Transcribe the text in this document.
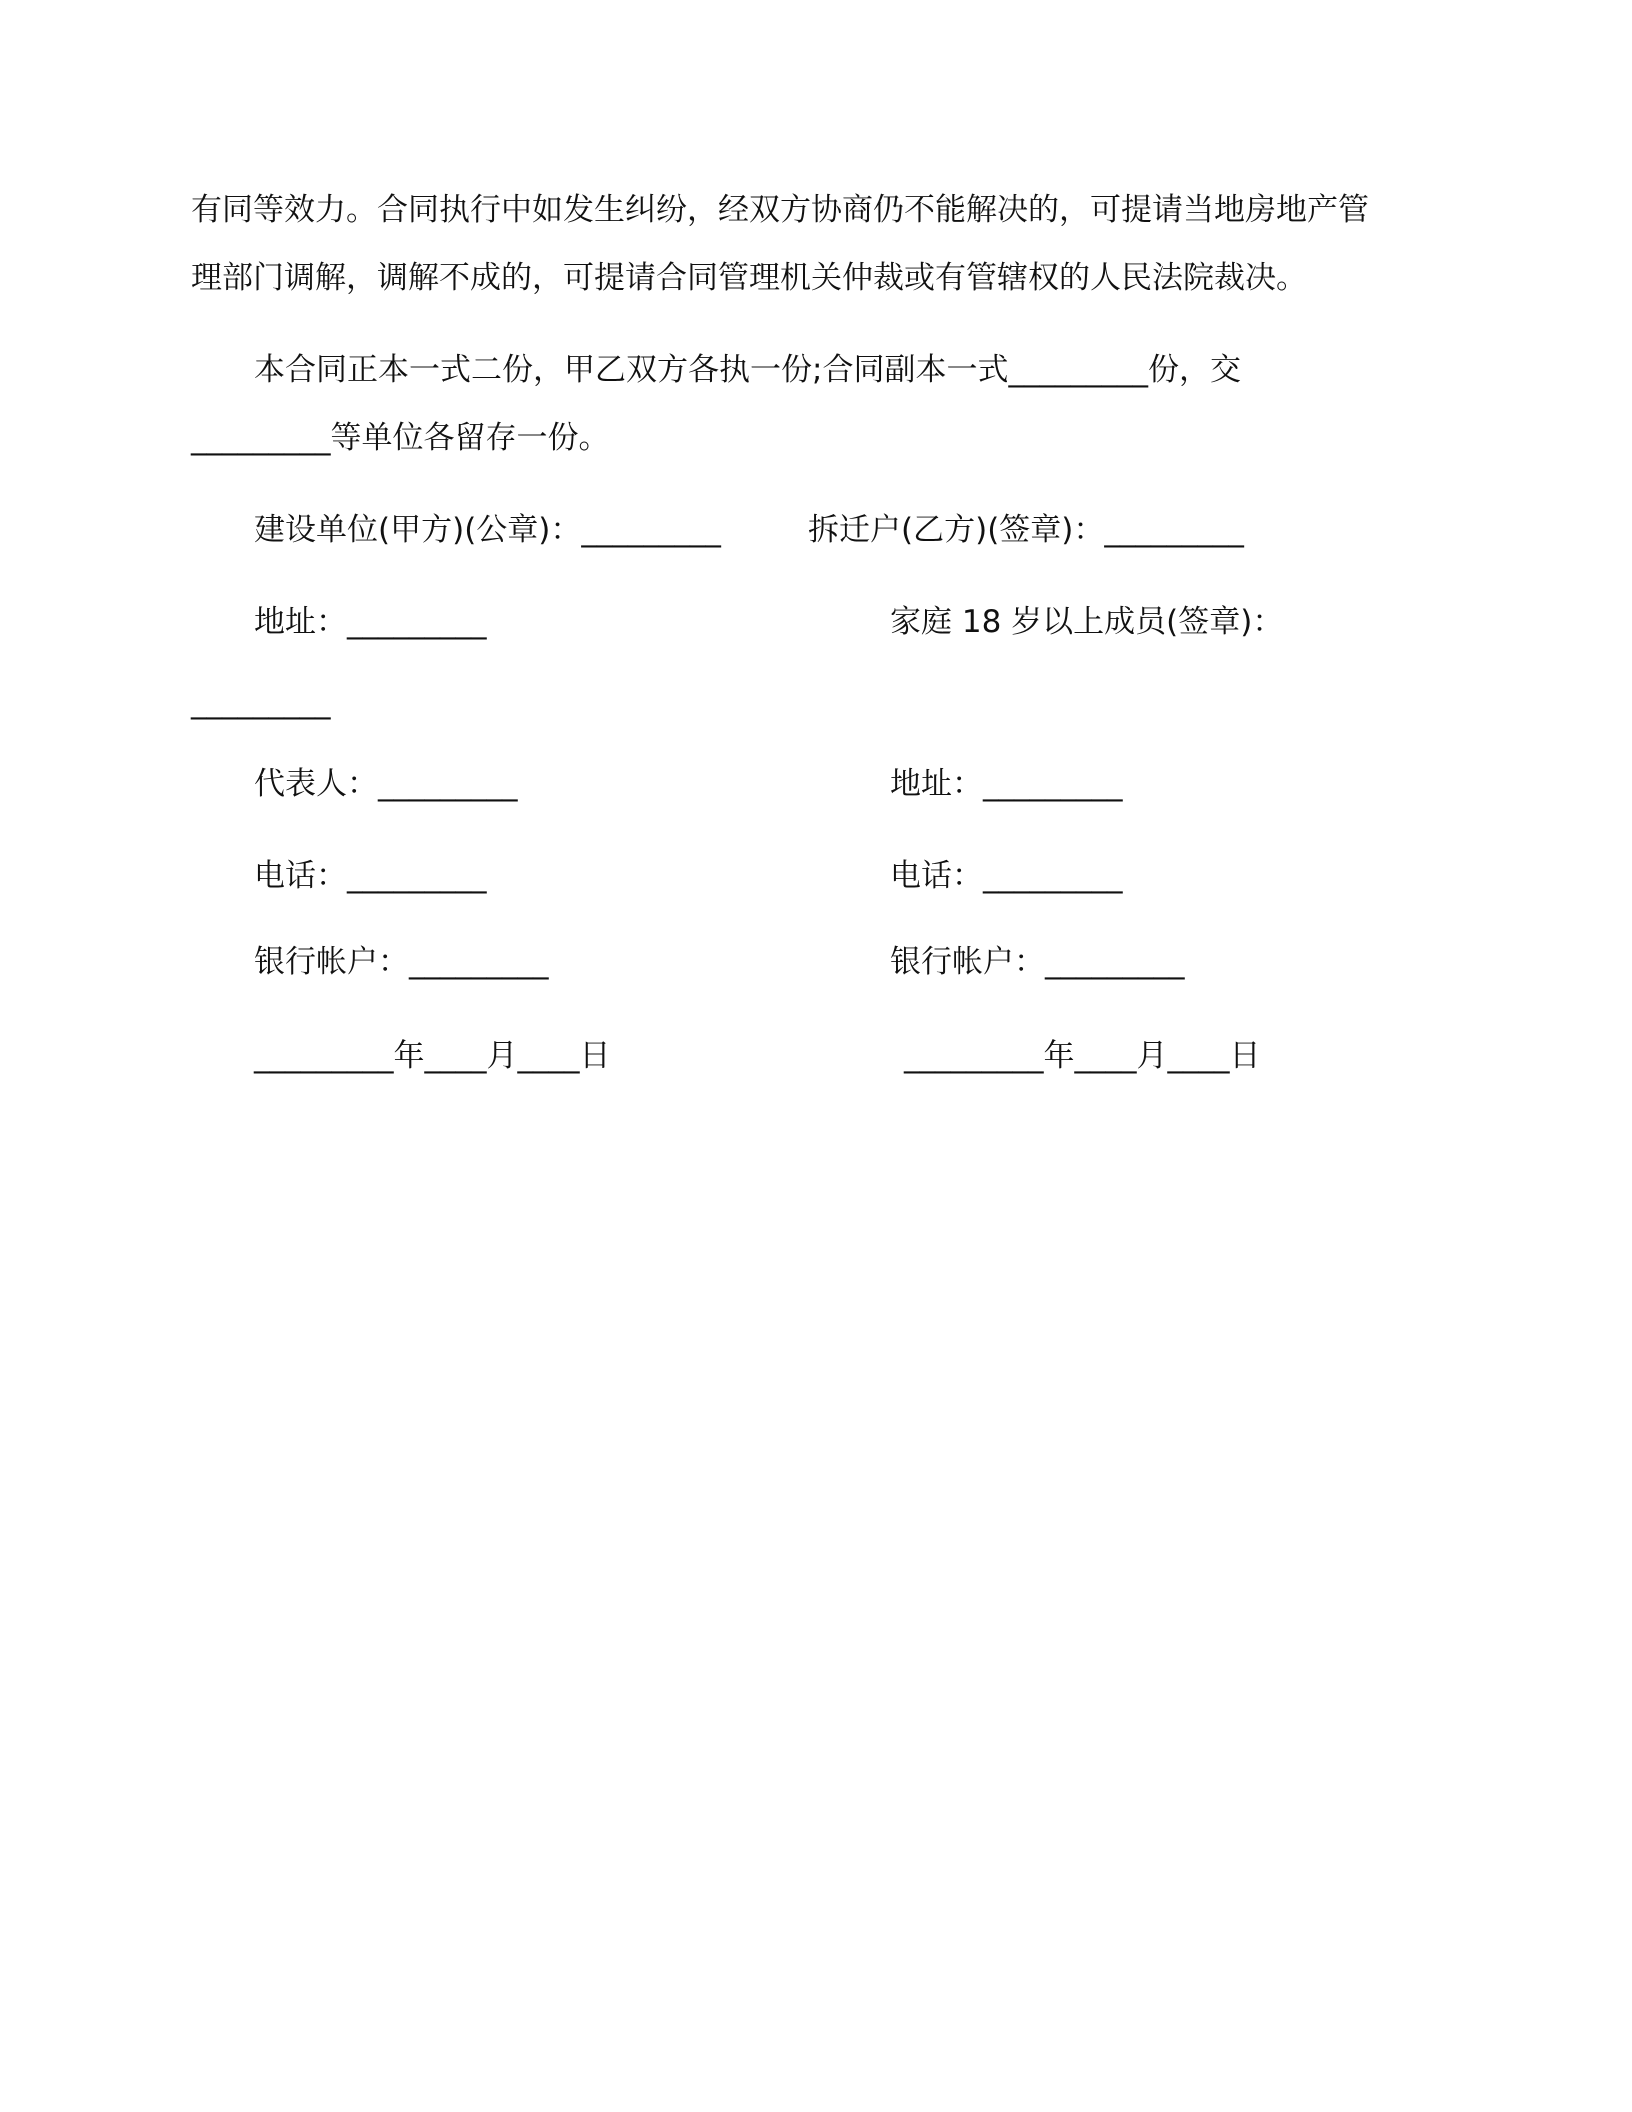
有同等效力。合同执行中如发生纠纷，经双方协商仍不能解决的，可提请当地房地产管
理部门调解，调解不成的，可提请合同管理机关仲裁或有管辖权的人民法院裁决。
本合同正本一式二份，甲乙双方各执一份;合同副本一式_________份，交
_________等单位各留存一份。
建设单位(甲方)(公章)：_________	拆迁户(乙方)(签章)：_________
地址：_________	家庭 18 岁以上成员(签章)：
_________
代表人：_________	地址：_________
电话：_________	电话：_________
银行帐户：_________	银行帐户：_________
_________年____月____日	_________年____月____日
